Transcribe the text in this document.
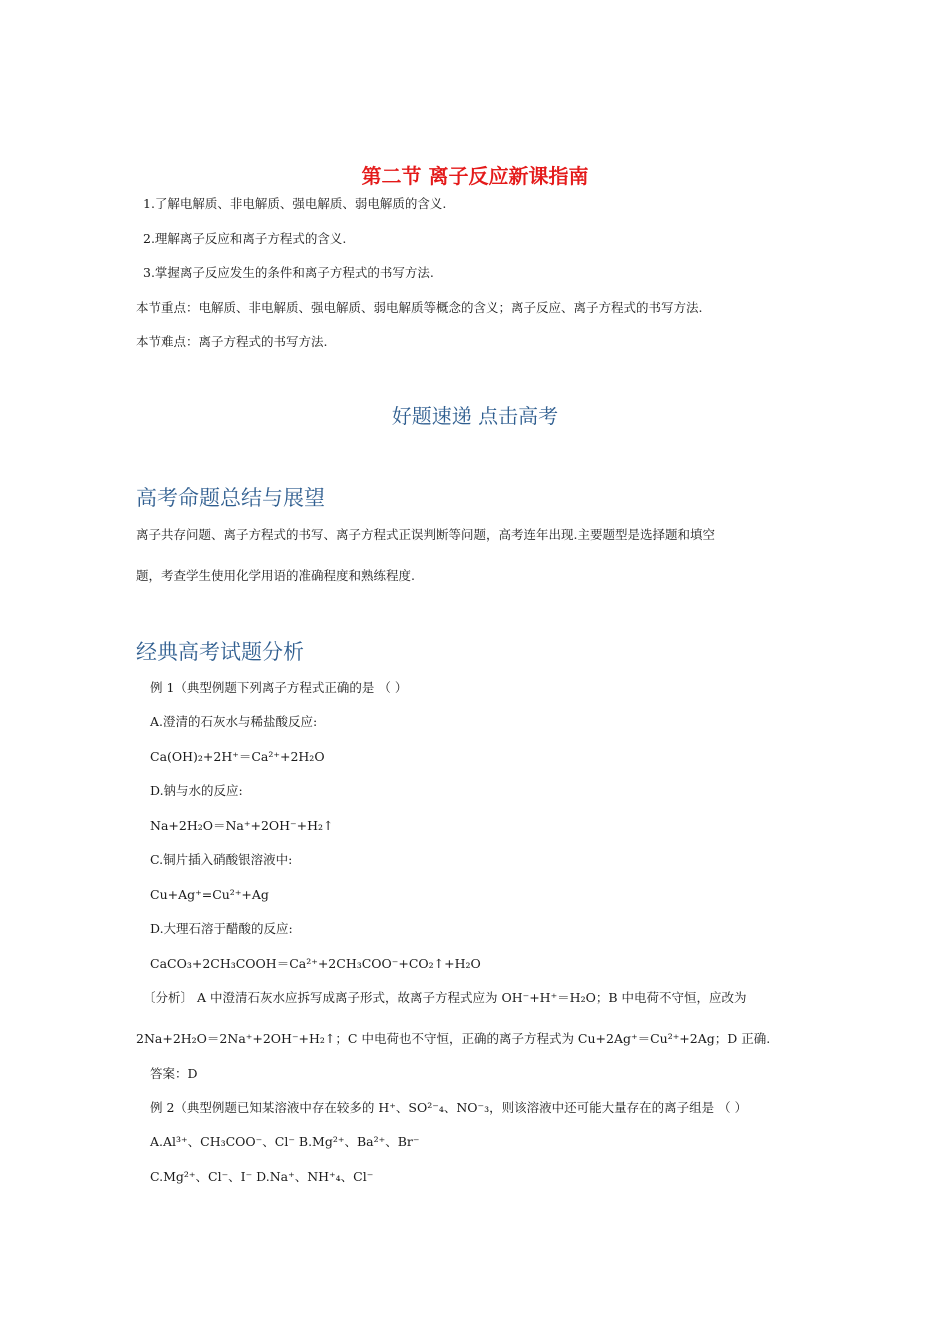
第二节 离子反应新课指南
1.了解电解质、非电解质、强电解质、弱电解质的含义.
2.理解离子反应和离子方程式的含义.
3.掌握离子反应发生的条件和离子方程式的书写方法.
本节重点：电解质、非电解质、强电解质、弱电解质等概念的含义；离子反应、离子方程式的书写方法.
本节难点：离子方程式的书写方法.
好题速递 点击高考
高考命题总结与展望
离子共存问题、离子方程式的书写、离子方程式正误判断等问题，高考连年出现.主要题型是选择题和填空
题，考查学生使用化学用语的准确程度和熟练程度.
经典高考试题分析
例 1（典型例题下列离子方程式正确的是 （ ）
A.澄清的石灰水与稀盐酸反应:
Ca(OH)₂+2H⁺＝Ca²⁺+2H₂O
D.钠与水的反应:
Na+2H₂O＝Na⁺+2OH⁻+H₂↑
C.铜片插入硝酸银溶液中:
Cu+Ag⁺=Cu²⁺+Ag
D.大理石溶于醋酸的反应:
CaCO₃+2CH₃COOH＝Ca²⁺+2CH₃COO⁻+CO₂↑+H₂O
〔分析〕 A 中澄清石灰水应拆写成离子形式，故离子方程式应为 OH⁻+H⁺＝H₂O；B 中电荷不守恒，应改为
2Na+2H₂O＝2Na⁺+2OH⁻+H₂↑；C 中电荷也不守恒，正确的离子方程式为 Cu+2Ag⁺＝Cu²⁺+2Ag；D 正确.
答案：D
例 2（典型例题已知某溶液中存在较多的 H⁺、SO²⁻₄、NO⁻₃，则该溶液中还可能大量存在的离子组是 （ ）
A.Al³⁺、CH₃COO⁻、Cl⁻ B.Mg²⁺、Ba²⁺、Br⁻
C.Mg²⁺、Cl⁻、I⁻ D.Na⁺、NH⁺₄、Cl⁻
